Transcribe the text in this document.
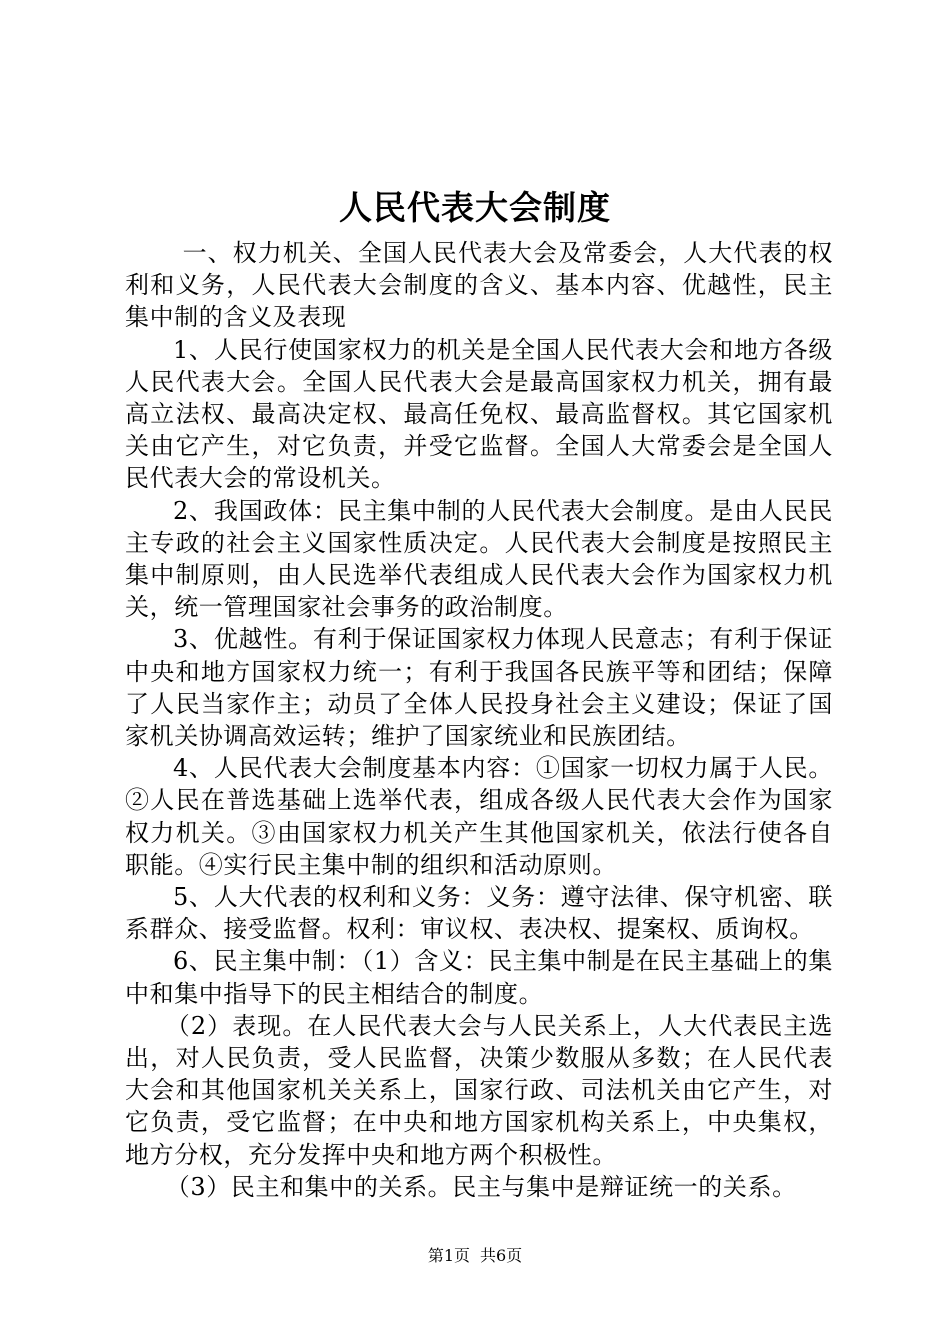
人民代表大会制度

一、权力机关、全国人民代表大会及常委会，人大代表的权利和义务，人民代表大会制度的含义、基本内容、优越性，民主集中制的含义及表现

1、人民行使国家权力的机关是全国人民代表大会和地方各级人民代表大会。全国人民代表大会是最高国家权力机关，拥有最高立法权、最高决定权、最高任免权、最高监督权。其它国家机关由它产生，对它负责，并受它监督。全国人大常委会是全国人民代表大会的常设机关。

2、我国政体：民主集中制的人民代表大会制度。是由人民民主专政的社会主义国家性质决定。人民代表大会制度是按照民主集中制原则，由人民选举代表组成人民代表大会作为国家权力机关，统一管理国家社会事务的政治制度。

3、优越性。有利于保证国家权力体现人民意志；有利于保证中央和地方国家权力统一；有利于我国各民族平等和团结；保障了人民当家作主；动员了全体人民投身社会主义建设；保证了国家机关协调高效运转；维护了国家统业和民族团结。

4、人民代表大会制度基本内容：①国家一切权力属于人民。②人民在普选基础上选举代表，组成各级人民代表大会作为国家权力机关。③由国家权力机关产生其他国家机关，依法行使各自职能。④实行民主集中制的组织和活动原则。

5、人大代表的权利和义务：义务：遵守法律、保守机密、联系群众、接受监督。权利：审议权、表决权、提案权、质询权。

6、民主集中制：（1）含义：民主集中制是在民主基础上的集中和集中指导下的民主相结合的制度。

（2）表现。在人民代表大会与人民关系上，人大代表民主选出，对人民负责，受人民监督，决策少数服从多数；在人民代表大会和其他国家机关关系上，国家行政、司法机关由它产生，对它负责，受它监督；在中央和地方国家机构关系上，中央集权，地方分权，充分发挥中央和地方两个积极性。

（3）民主和集中的关系。民主与集中是辩证统一的关系。

第1页 共6页
